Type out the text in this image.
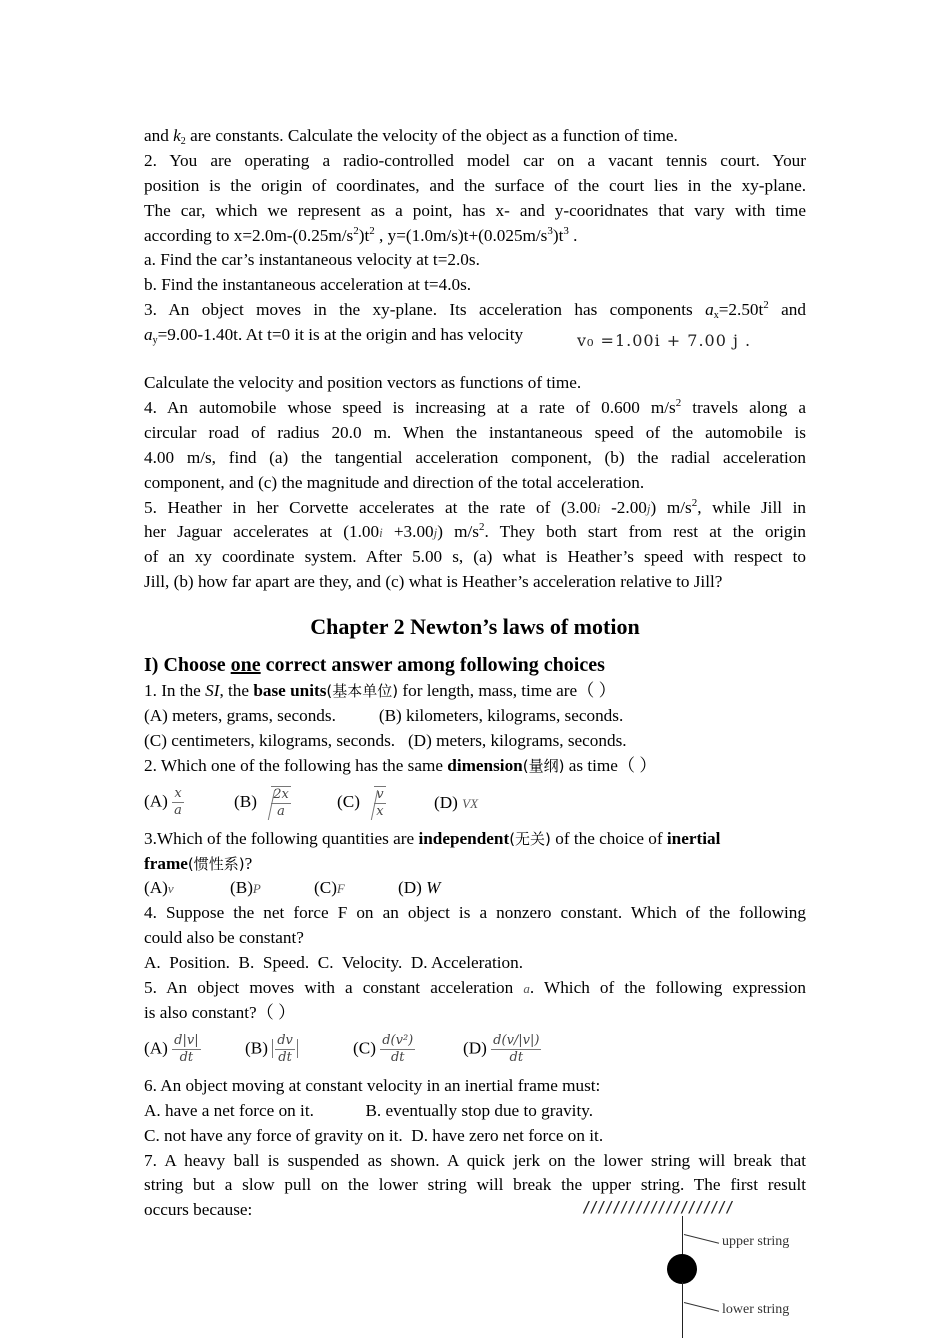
and $k_2$ are constants. Calculate the velocity of the object as a function of time.
2. You are operating a radio-controlled model car on a vacant tennis court. Your
position is the origin of coordinates, and the surface of the court lies in the xy-plane.
The car, which we represent as a point, has x- and y-cooridnates that vary with time
according to $x=2.0m-(0.25m/s^2)t^2$ , $y=(1.0m/s)t+(0.025m/s^3)t^3$ .
a. Find the car’s instantaneous velocity at t=2.0s.
b. Find the instantaneous acceleration at t=4.0s.
3. An object moves in the xy-plane. Its acceleration has components $a_x=2.50t^2$ and
$a_y=9.00-1.40t$. At t=0 it is at the origin and has velocity	v₀ =1.00i + 7.00 j .
Calculate the velocity and position vectors as functions of time.
4. An automobile whose speed is increasing at a rate of 0.600 $m/s^2$ travels along a
circular road of radius 20.0 m. When the instantaneous speed of the automobile is
4.00 m/s, find (a) the tangential acceleration component, (b) the radial acceleration
component, and (c) the magnitude and direction of the total acceleration.
5. Heather in her Corvette accelerates at the rate of (3.00i -2.00j) $m/s^2$, while Jill in
her Jaguar accelerates at (1.00i +3.00j) $m/s^2$. They both start from rest at the origin
of an xy coordinate system. After 5.00 s, (a) what is Heather’s speed with respect to
Jill, (b) how far apart are they, and (c) what is Heather’s acceleration relative to Jill?
Chapter 2 Newton’s laws of motion
I) Choose one correct answer among following choices
1. In the SI, the base units(基本单位) for length, mass, time are（ ）
(A) meters, grams, seconds.          (B) kilometers, kilograms, seconds.
(C) centimeters, kilograms, seconds.   (D) meters, kilograms, seconds.
2. Which one of the following has the same dimension(量纲) as time（ ）
$(A) \frac{x}{a}$	$(B) \frac{2x}{a}$	$(C) \frac{v}{x}$	(D) VX
3.Which of the following quantities are independent(无关) of the choice of inertial
frame(惯性系)?
(A)v	(B)P	(C)F	(D) W
4. Suppose the net force F on an object is a nonzero constant. Which of the following
could also be constant?
A.  Position.  B.  Speed.  C.  Velocity.  D. Acceleration.
5. An object moves with a constant acceleration a. Which of the following expression
is also constant?（ ）
$(A) \frac{d|v|}{dt}$	$(B) \frac{dv}{dt}$	$(C) \frac{\text{d(v²)}}{dt}$	$(D) \frac{d(v/|v|)}{dt}$
6. An object moving at constant velocity in an inertial frame must:
A. have a net force on it.            B. eventually stop due to gravity.
C. not have any force of gravity on it.  D. have zero net force on it.
7. A heavy ball is suspended as shown. A quick jerk on the lower string will break that
string but a slow pull on the lower string will break the upper string. The first result
occurs because:	////////////////////
upper string
lower string
